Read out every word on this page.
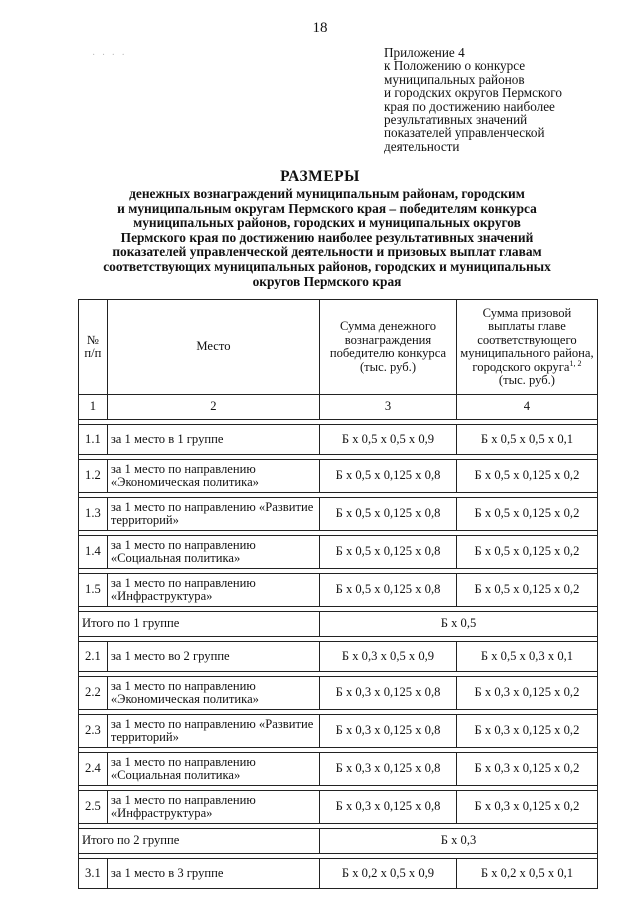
18
· · · ·	Приложение 4
к Положению о конкурсе
муниципальных районов
и городских округов Пермского
края по достижению наиболее
результативных значений
показателей управленческой
деятельности
РАЗМЕРЫ
денежных вознаграждений муниципальным районам, городским
и муниципальным округам Пермского края – победителям конкурса
муниципальных районов, городских и муниципальных округов
Пермского края по достижению наиболее результативных значений
показателей управленческой деятельности и призовых выплат главам
соответствующих муниципальных районов, городских и муниципальных
округов Пермского края
№ п/п	Место	Сумма денежного вознаграждения победителю конкурса (тыс. руб.)	Сумма призовой выплаты главе соответствующего муниципального района, городского округа$^{1, 2}$
(тыс. руб.)
1	2	3	4

1.1	за 1 место в 1 группе	Б х 0,5 х 0,5 х 0,9	Б х 0,5 х 0,5 х 0,1

1.2	за 1 место по направлению «Экономическая политика»	Б х 0,5 х 0,125 х 0,8	Б х 0,5 х 0,125 х 0,2

1.3	за 1 место по направлению «Развитие территорий»	Б х 0,5 х 0,125 х 0,8	Б х 0,5 х 0,125 х 0,2

1.4	за 1 место по направлению «Социальная политика»	Б х 0,5 х 0,125 х 0,8	Б х 0,5 х 0,125 х 0,2

1.5	за 1 место по направлению «Инфраструктура»	Б х 0,5 х 0,125 х 0,8	Б х 0,5 х 0,125 х 0,2

Итого по 1 группе		Б х 0,5	

2.1	за 1 место во 2 группе	Б х 0,3 х 0,5 х 0,9	Б х 0,5 х 0,3 х 0,1

2.2	за 1 место по направлению «Экономическая политика»	Б х 0,3 х 0,125 х 0,8	Б х 0,3 х 0,125 х 0,2

2.3	за 1 место по направлению «Развитие территорий»	Б х 0,3 х 0,125 х 0,8	Б х 0,3 х 0,125 х 0,2

2.4	за 1 место по направлению «Социальная политика»	Б х 0,3 х 0,125 х 0,8	Б х 0,3 х 0,125 х 0,2

2.5	за 1 место по направлению «Инфраструктура»	Б х 0,3 х 0,125 х 0,8	Б х 0,3 х 0,125 х 0,2

Итого по 2 группе		Б х 0,3	

3.1	за 1 место в 3 группе	Б х 0,2 х 0,5 х 0,9	Б х 0,2 х 0,5 х 0,1
